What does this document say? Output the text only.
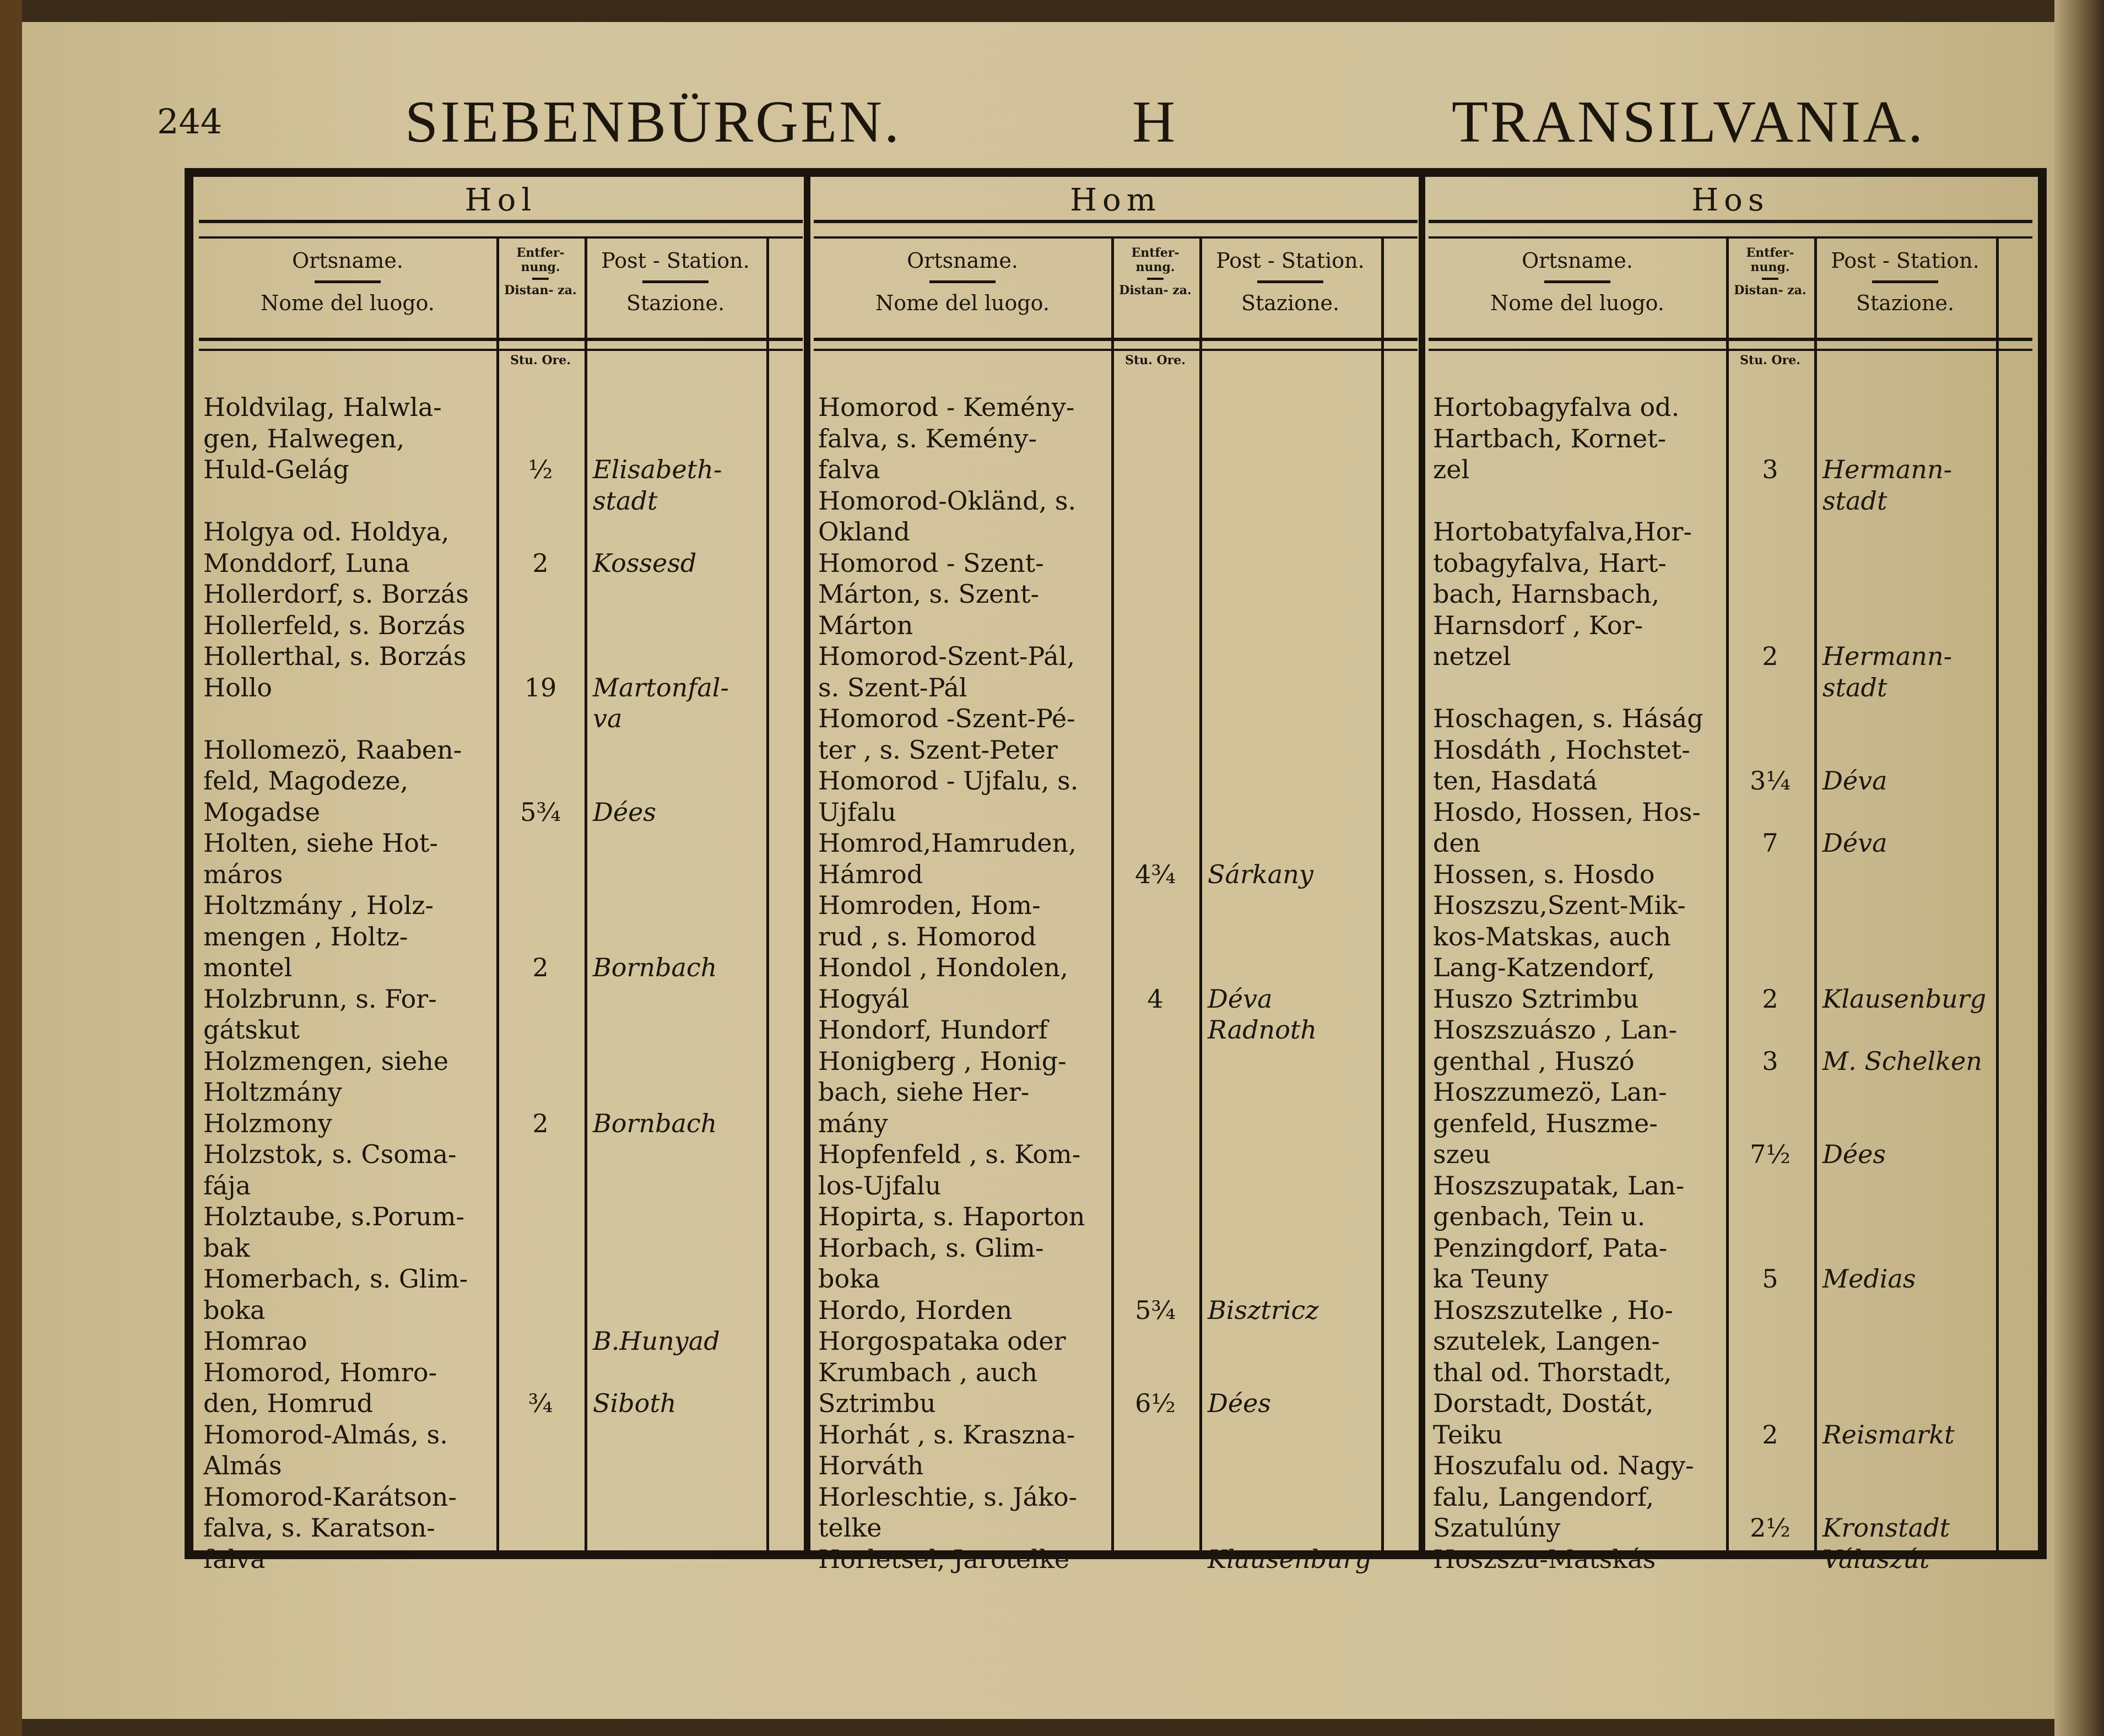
244	SIEBENBÜRGEN.	H	TRANSILVANIA.
Hol
Ortsname.
Nome del luogo.
Entfer- nung.
Distan- za.
Post - Station.
Stazione.
Stu. Ore.
Holdvilag, Halwla-
gen, Halwegen,
Huld-Gelág	½	Elisabeth-
stadt
Holgya od. Holdya,
Monddorf, Luna	2	Kossesd
Hollerdorf, s. Borzás
Hollerfeld, s. Borzás
Hollerthal, s. Borzás
Hollo	19	Martonfal-
va
Hollomezö, Raaben-
feld, Magodeze,
Mogadse	5¾	Dées
Holten, siehe Hot-
máros
Holtzmány , Holz-
mengen , Holtz-
montel	2	Bornbach
Holzbrunn, s. For-
gátskut
Holzmengen, siehe
Holtzmány
Holzmony	2	Bornbach
Holzstok, s. Csoma-
fája
Holztaube, s.Porum-
bak
Homerbach, s. Glim-
boka
Homrao	B.Hunyad
Homorod, Homro-
den, Homrud	¾	Siboth
Homorod-Almás, s.
Almás
Homorod-Karátson-
falva, s. Karatson-
falva
Hom
Ortsname.
Nome del luogo.
Entfer- nung.
Distan- za.
Post - Station.
Stazione.
Stu. Ore.
Homorod - Kemény-
falva, s. Kemény-
falva
Homorod-Okländ, s.
Okland
Homorod - Szent-
Márton, s. Szent-
Márton
Homorod-Szent-Pál,
s. Szent-Pál
Homorod -Szent-Pé-
ter , s. Szent-Peter
Homorod - Ujfalu, s.
Ujfalu
Homrod,Hamruden,
Hámrod	4¾	Sárkany
Homroden, Hom-
rud , s. Homorod
Hondol , Hondolen,
Hogyál	4	Déva
Hondorf, Hundorf	Radnoth
Honigberg , Honig-
bach, siehe Her-
mány
Hopfenfeld , s. Kom-
los-Ujfalu
Hopirta, s. Haporton
Horbach, s. Glim-
boka
Hordo, Horden	5¾	Bisztricz
Horgospataka oder
Krumbach , auch
Sztrimbu	6½	Dées
Horhát , s. Kraszna-
Horváth
Horleschtie, s. Jáko-
telke
Horletsel, Jarotelke	Klausenburg
Hos
Ortsname.
Nome del luogo.
Entfer- nung.
Distan- za.
Post - Station.
Stazione.
Stu. Ore.
Hortobagyfalva od.
Hartbach, Kornet-
zel	3	Hermann-
stadt
Hortobatyfalva,Hor-
tobagyfalva, Hart-
bach, Harnsbach,
Harnsdorf , Kor-
netzel	2	Hermann-
stadt
Hoschagen, s. Háság
Hosdáth , Hochstet-
ten, Hasdatá	3¼	Déva
Hosdo, Hossen, Hos-
den	7	Déva
Hossen, s. Hosdo
Hoszszu,Szent-Mik-
kos-Matskas, auch
Lang-Katzendorf,
Huszo Sztrimbu	2	Klausenburg
Hoszszuászo , Lan-
genthal , Huszó	3	M. Schelken
Hoszzumezö, Lan-
genfeld, Huszme-
szeu	7½	Dées
Hoszszupatak, Lan-
genbach, Tein u.
Penzingdorf, Pata-
ka Teuny	5	Medias
Hoszszutelke , Ho-
szutelek, Langen-
thal od. Thorstadt,
Dorstadt, Dostát,
Teiku	2	Reismarkt
Hoszufalu od. Nagy-
falu, Langendorf,
Szatulúny	2½	Kronstadt
Hoszszu-Matskás	Válaszút
